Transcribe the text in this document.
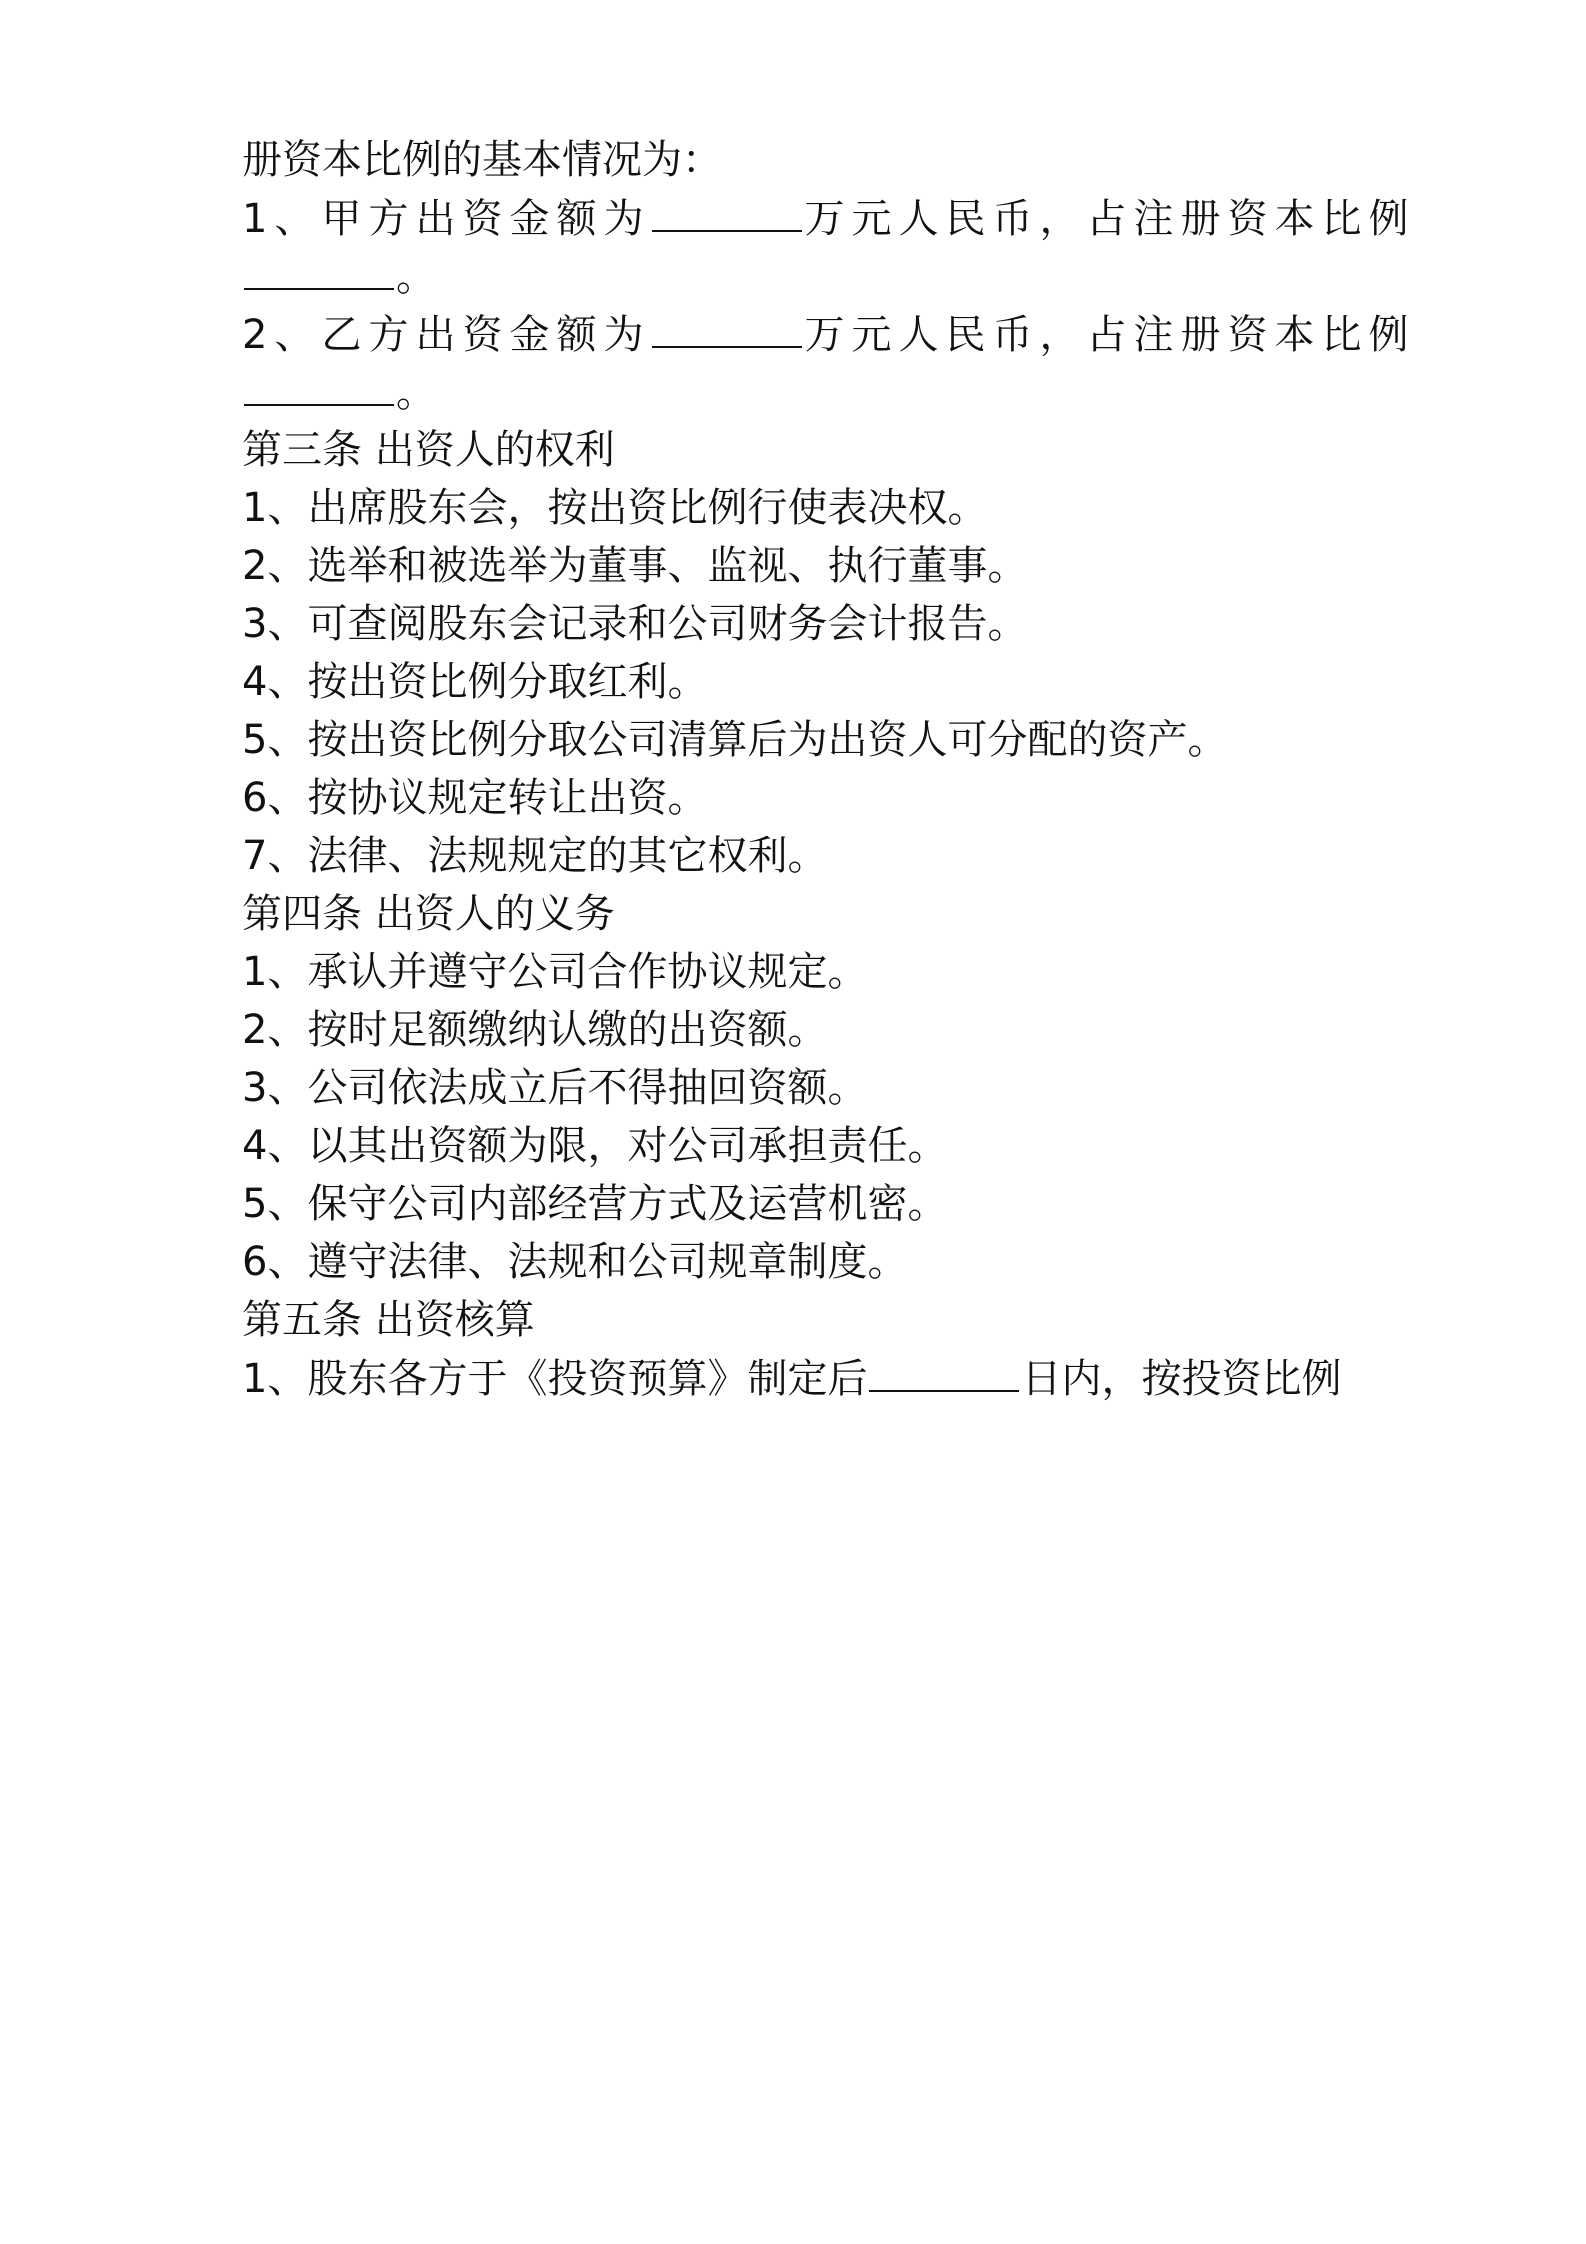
册资本比例的基本情况为：
1、甲方出资金额为	万元人民币，占注册资本比例
。
2、乙方出资金额为	万元人民币，占注册资本比例
。
第三条 出资人的权利
1、出席股东会，按出资比例行使表决权。
2、选举和被选举为董事、监视、执行董事。
3、可查阅股东会记录和公司财务会计报告。
4、按出资比例分取红利。
5、按出资比例分取公司清算后为出资人可分配的资产。
6、按协议规定转让出资。
7、法律、法规规定的其它权利。
第四条 出资人的义务
1、承认并遵守公司合作协议规定。
2、按时足额缴纳认缴的出资额。
3、公司依法成立后不得抽回资额。
4、以其出资额为限，对公司承担责任。
5、保守公司内部经营方式及运营机密。
6、遵守法律、法规和公司规章制度。
第五条 出资核算
1、股东各方于《投资预算》制定后	日内，按投资比例
